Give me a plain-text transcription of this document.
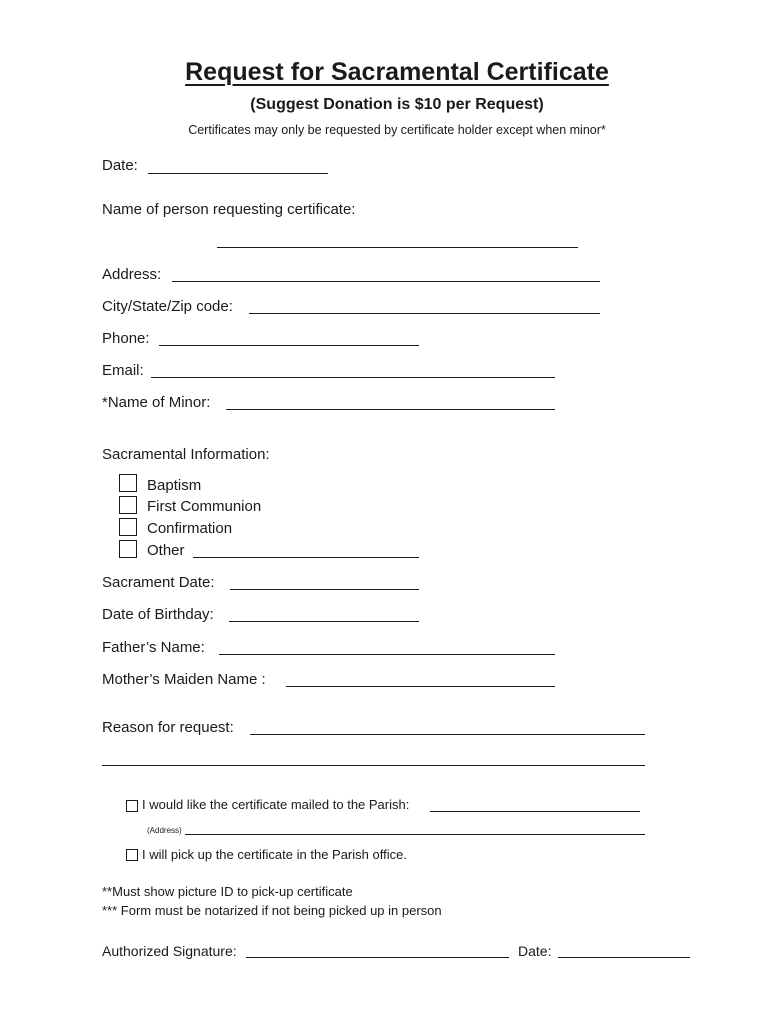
Request for Sacramental Certificate
(Suggest Donation is $10 per Request)
Certificates may only be requested by certificate holder except when minor*
Date:
Name of person requesting certificate:
Address:
City/State/Zip code:
Phone:
Email:
*Name of Minor:
Sacramental Information:
Baptism
First Communion
Confirmation
Other
Sacrament Date:
Date of Birthday:
Father’s Name:
Mother’s Maiden Name :
Reason for request:
I would like the certificate mailed to the Parish:
(Address)
I will pick up the certificate in the Parish office.
**Must show picture ID to pick-up certificate
*** Form must be notarized if not being picked up in person
Authorized Signature:	Date:
